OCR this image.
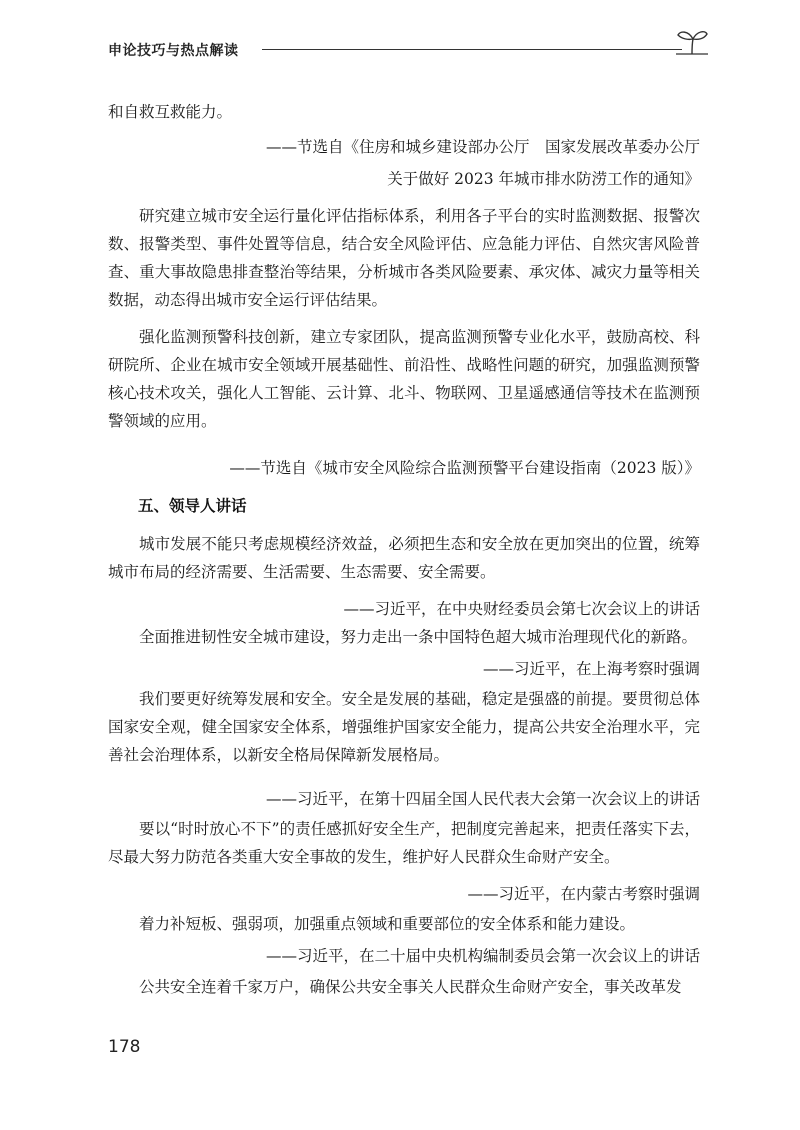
申论技巧与热点解读

和自救互救能力。

——节选自《住房和城乡建设部办公厅　国家发展改革委办公厅

关于做好 2023 年城市排水防涝工作的通知》

研究建立城市安全运行量化评估指标体系，利用各子平台的实时监测数据、报警次数、报警类型、事件处置等信息，结合安全风险评估、应急能力评估、自然灾害风险普查、重大事故隐患排查整治等结果，分析城市各类风险要素、承灾体、减灾力量等相关数据，动态得出城市安全运行评估结果。

强化监测预警科技创新，建立专家团队，提高监测预警专业化水平，鼓励高校、科研院所、企业在城市安全领域开展基础性、前沿性、战略性问题的研究，加强监测预警核心技术攻关，强化人工智能、云计算、北斗、物联网、卫星遥感通信等技术在监测预警领域的应用。

——节选自《城市安全风险综合监测预警平台建设指南（2023 版）》

五、领导人讲话

城市发展不能只考虑规模经济效益，必须把生态和安全放在更加突出的位置，统筹城市布局的经济需要、生活需要、生态需要、安全需要。

——习近平，在中央财经委员会第七次会议上的讲话

全面推进韧性安全城市建设，努力走出一条中国特色超大城市治理现代化的新路。

——习近平，在上海考察时强调

我们要更好统筹发展和安全。安全是发展的基础，稳定是强盛的前提。要贯彻总体国家安全观，健全国家安全体系，增强维护国家安全能力，提高公共安全治理水平，完善社会治理体系，以新安全格局保障新发展格局。

——习近平，在第十四届全国人民代表大会第一次会议上的讲话

要以“时时放心不下”的责任感抓好安全生产，把制度完善起来，把责任落实下去，尽最大努力防范各类重大安全事故的发生，维护好人民群众生命财产安全。

——习近平，在内蒙古考察时强调

着力补短板、强弱项，加强重点领域和重要部位的安全体系和能力建设。

——习近平，在二十届中央机构编制委员会第一次会议上的讲话

公共安全连着千家万户，确保公共安全事关人民群众生命财产安全，事关改革发

178
